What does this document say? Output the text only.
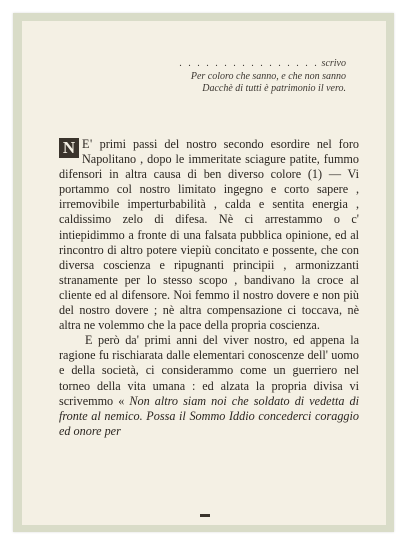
. . . . . . . . . . . . . . . . scrivo
Per coloro che sanno, e che non sanno
Dacchè di tutti è patrimonio il vero.

N E' primi passi del nostro secondo esordire nel foro Napolitano , dopo le immeritate sciagure patite, fummo difensori in altra causa di ben diverso colore (1) — Vi portammo col nostro limitato ingegno e corto sapere , irremovibile imperturbabilità , calda e sentita energia , caldissimo zelo di difesa. Nè ci arrestammo o c' intiepidimmo a fronte di una falsata pubblica opinione, ed al rincontro di altro potere viepiù concitato e possente, che con diversa coscienza e ripugnanti principii , armonizzanti stranamente per lo stesso scopo , bandivano la croce al cliente ed al difensore. Noi femmo il nostro dovere e non più del nostro dovere ; nè altra compensazione ci toccava, nè altra ne volemmo che la pace della propria coscienza.

E però da' primi anni del viver nostro, ed appena la ragione fu rischiarata dalle elementari conoscenze dell' uomo e della società, ci considerammo come un guerriero nel torneo della vita umana : ed alzata la propria divisa vi scrivemmo « Non altro siam noi che soldato di vedetta di fronte al nemico. Possa il Sommo Iddio concederci coraggio ed onore per
